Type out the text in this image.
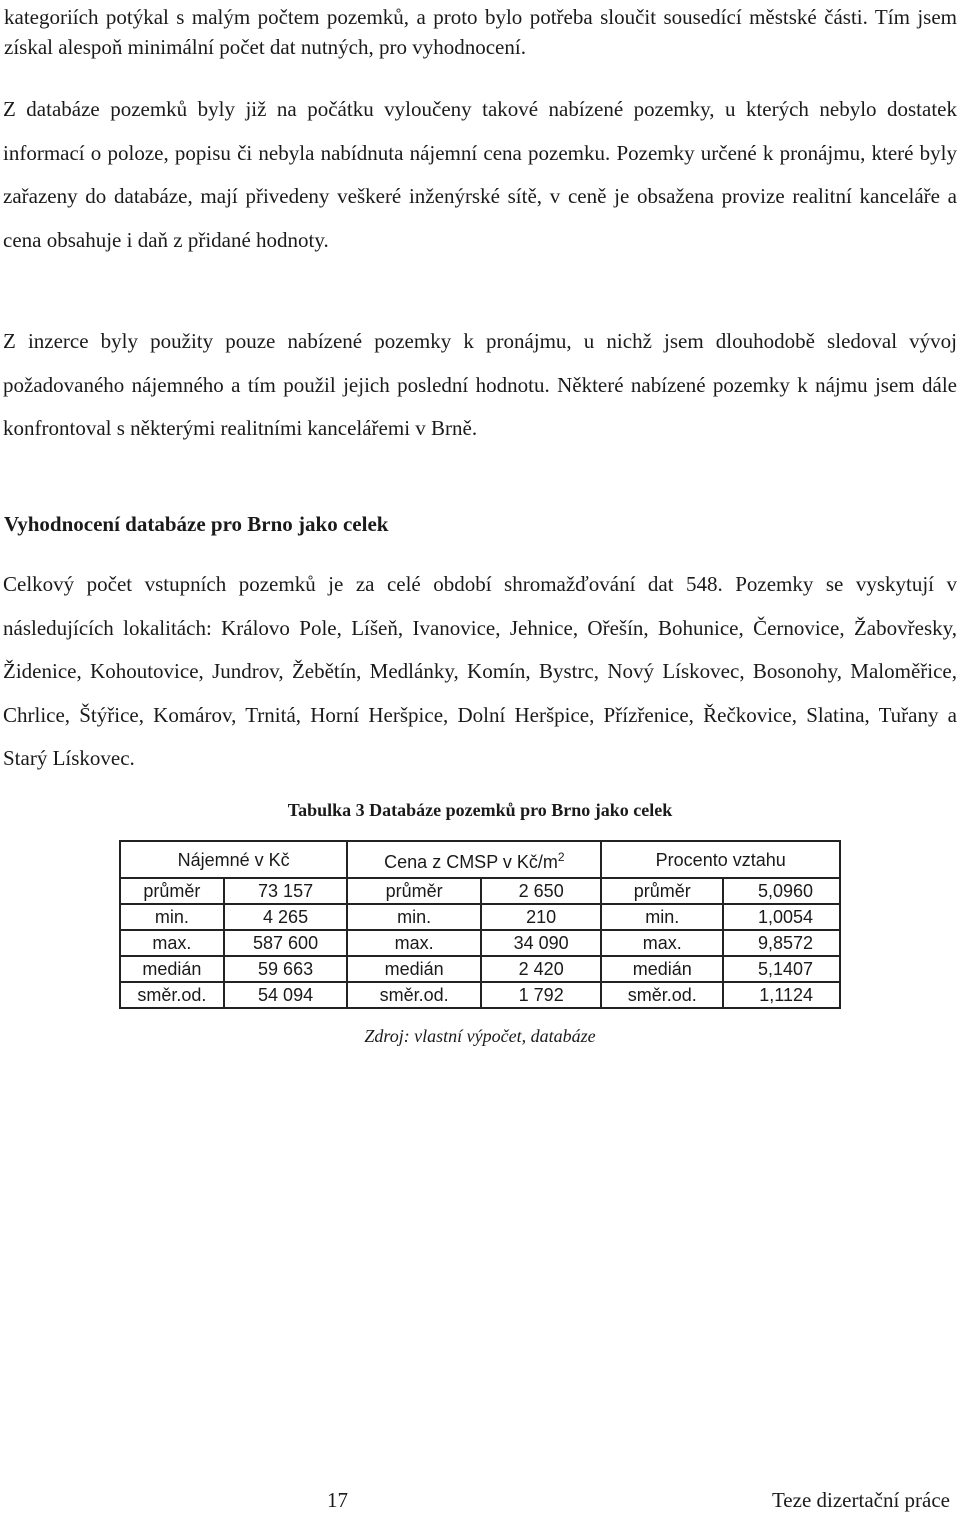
kategoriích potýkal s malým počtem pozemků, a proto bylo potřeba sloučit sousedící městské části. Tím jsem získal alespoň minimální počet dat nutných, pro vyhodnocení.

Z databáze pozemků byly již na počátku vyloučeny takové nabízené pozemky, u kterých nebylo dostatek informací o poloze, popisu či nebyla nabídnuta nájemní cena pozemku. Pozemky určené k pronájmu, které byly zařazeny do databáze, mají přivedeny veškeré inženýrské sítě, v ceně je obsažena provize realitní kanceláře a cena obsahuje i daň z přidané hodnoty.

Z inzerce byly použity pouze nabízené pozemky k pronájmu, u nichž jsem dlouhodobě sledoval vývoj požadovaného nájemného a tím použil jejich poslední hodnotu. Některé nabízené pozemky k nájmu jsem dále konfrontoval s některými realitními kancelářemi v Brně.

Vyhodnocení databáze pro Brno jako celek

Celkový počet vstupních pozemků je za celé období shromažďování dat 548. Pozemky se vyskytují v následujících lokalitách: Královo Pole, Líšeň, Ivanovice, Jehnice, Ořešín, Bohunice, Černovice, Žabovřesky, Židenice, Kohoutovice, Jundrov, Žebětín, Medlánky, Komín, Bystrc, Nový Lískovec, Bosonohy, Maloměřice, Chrlice, Štýřice, Komárov, Trnitá, Horní Heršpice, Dolní Heršpice, Přízřenice, Řečkovice, Slatina, Tuřany a Starý Lískovec.

Tabulka 3 Databáze pozemků pro Brno jako celek
Nájemné v Kč		Cena z CMSP v $Kč/m^2$		Procento vztahu	
průměr	73 157	průměr	2 650	průměr	5,0960
min.	4 265	min.	210	min.	1,0054
max.	587 600	max.	34 090	max.	9,8572
medián	59 663	medián	2 420	medián	5,1407
směr.od.	54 094	směr.od.	1 792	směr.od.	1,1124
Zdroj: vlastní výpočet, databáze
17	Teze dizertační práce
